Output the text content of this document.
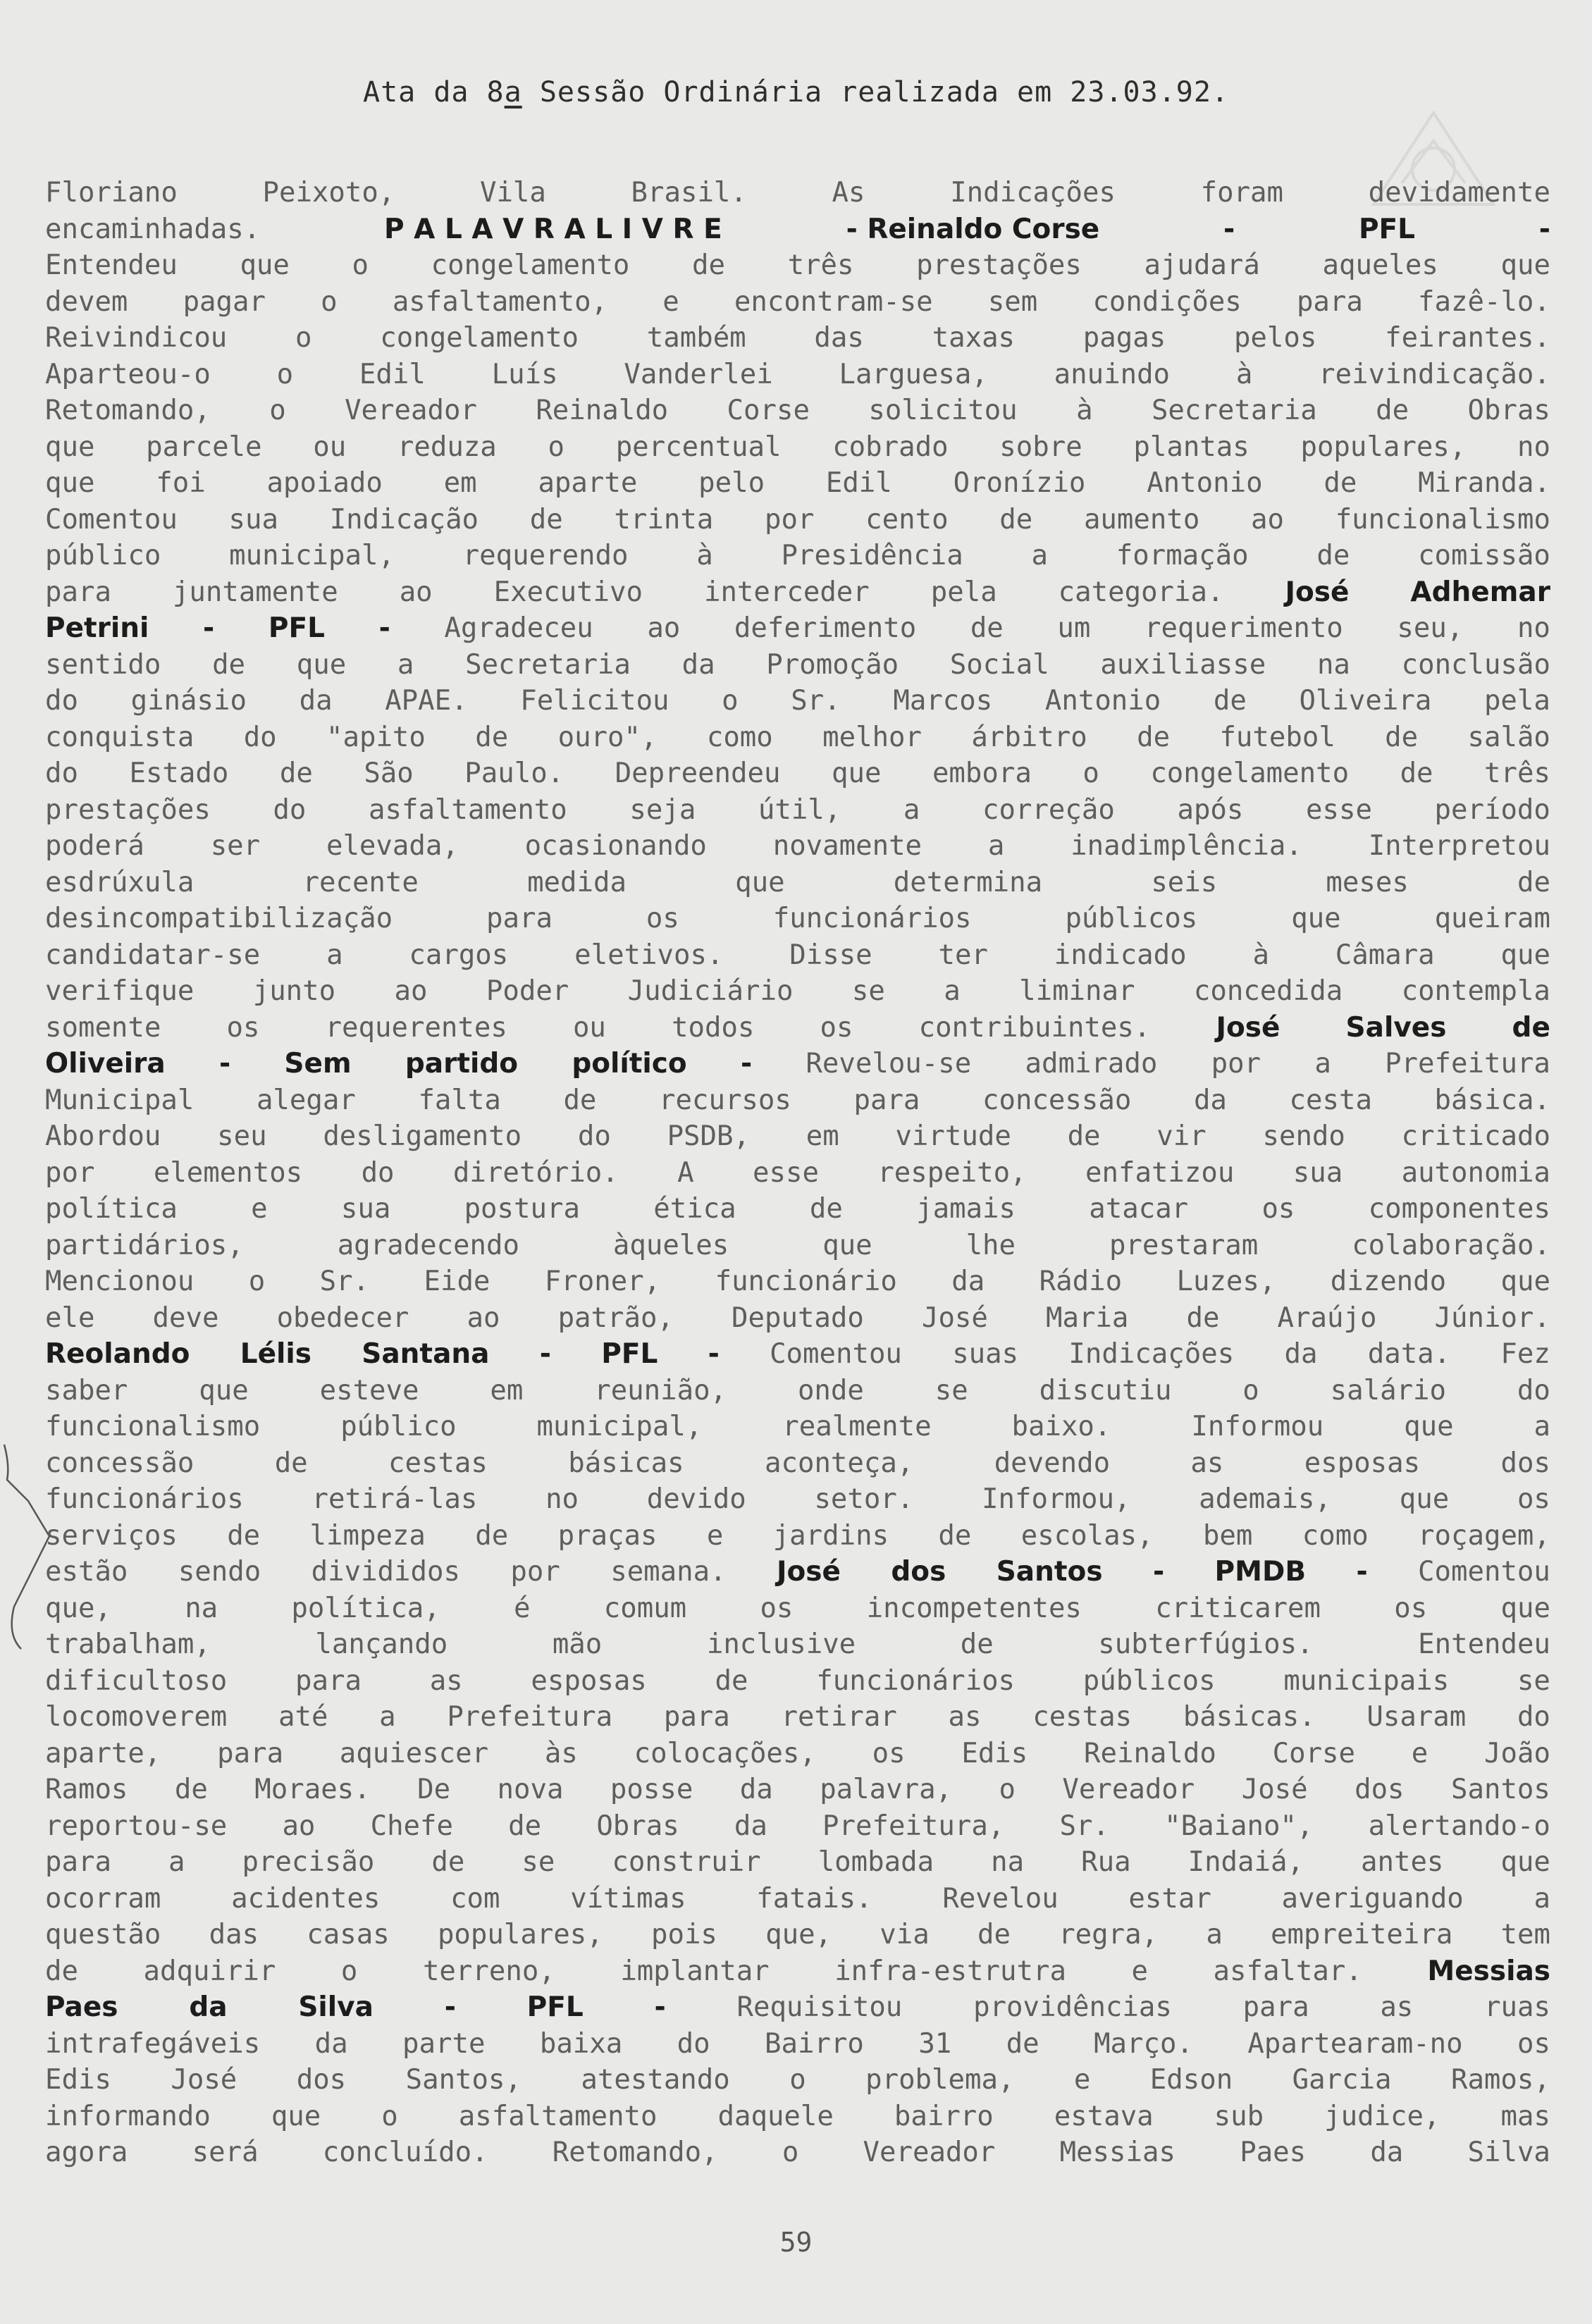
Ata da 8a Sessão Ordinária realizada em 23.03.92.
Floriano	Peixoto,	Vila	Brasil.	As	Indicações	foram	devidamente
encaminhadas.	P A L A V R A L I V R E	- Reinaldo Corse	-	PFL	-
Entendeu que o congelamento de três prestações ajudará aqueles que
devem pagar o asfaltamento, e encontram-se sem condições para fazê-lo.
Reivindicou o congelamento também das taxas pagas pelos feirantes.
Aparteou-o o Edil Luís Vanderlei Larguesa, anuindo à reivindicação.
Retomando, o Vereador Reinaldo Corse solicitou à Secretaria de Obras
que parcele ou reduza o percentual cobrado sobre plantas populares, no
que foi apoiado em aparte pelo Edil Oronízio Antonio de Miranda.
Comentou sua Indicação de trinta por cento de aumento ao funcionalismo
público municipal, requerendo à Presidência a formação de comissão
para juntamente ao Executivo interceder pela categoria. José Adhemar
Petrini - PFL - Agradeceu ao deferimento de um requerimento seu, no
sentido de que a Secretaria da Promoção Social auxiliasse na conclusão
do ginásio da APAE. Felicitou o Sr. Marcos Antonio de Oliveira pela
conquista do "apito de ouro", como melhor árbitro de futebol de salão
do Estado de São Paulo. Depreendeu que embora o congelamento de três
prestações do asfaltamento seja útil, a correção após esse período
poderá ser elevada, ocasionando novamente a inadimplência. Interpretou
esdrúxula	recente	medida	que	determina	seis	meses	de
desincompatibilização	para	os	funcionários	públicos	que	queiram
candidatar-se a cargos eletivos. Disse ter indicado à Câmara que
verifique junto ao Poder Judiciário se a liminar concedida contempla
somente os requerentes ou todos os contribuintes. José Salves de
Oliveira - Sem partido político - Revelou-se admirado por a Prefeitura
Municipal alegar falta de recursos para concessão da cesta básica.
Abordou seu desligamento do PSDB, em virtude de vir sendo criticado
por elementos do diretório. A esse respeito, enfatizou sua autonomia
política	e	sua	postura	ética	de	jamais	atacar	os	componentes
partidários,	agradecendo	àqueles	que	lhe	prestaram	colaboração.
Mencionou o Sr. Eide Froner, funcionário da Rádio Luzes, dizendo que
ele deve obedecer ao patrão, Deputado José Maria de Araújo Júnior.
Reolando Lélis Santana - PFL - Comentou suas Indicações da data. Fez
saber	que	esteve	em	reunião,	onde	se	discutiu	o	salário	do
funcionalismo	público	municipal,	realmente	baixo.	Informou	que	a
concessão	de	cestas	básicas	aconteça,	devendo	as	esposas	dos
funcionários retirá-las no devido setor. Informou, ademais, que os
serviços de limpeza de praças e jardins de escolas, bem como roçagem,
estão sendo divididos por semana. José dos Santos - PMDB - Comentou
que,	na	política,	é	comum	os	incompetentes	criticarem	os	que
trabalham,	lançando	mão	inclusive	de	subterfúgios.	Entendeu
dificultoso para as esposas de funcionários públicos municipais se
locomoverem até a Prefeitura para retirar as cestas básicas. Usaram do
aparte, para aquiescer às colocações, os Edis Reinaldo Corse e João
Ramos de Moraes. De nova posse da palavra, o Vereador José dos Santos
reportou-se ao Chefe de Obras da Prefeitura, Sr. "Baiano", alertando-o
para a precisão de se construir lombada na Rua Indaiá, antes que
ocorram	acidentes	com	vítimas	fatais.	Revelou	estar	averiguando	a
questão das casas populares, pois que, via de regra, a empreiteira tem
de adquirir o terreno, implantar infra-estrutra e asfaltar. Messias
Paes	da	Silva	-	PFL	-	Requisitou	providências	para	as	ruas
intrafegáveis da parte baixa do Bairro 31 de Março. Apartearam-no os
Edis José dos Santos, atestando o problema, e Edson Garcia Ramos,
informando que o asfaltamento daquele bairro estava sub judice, mas
agora será concluído. Retomando, o Vereador Messias Paes da Silva
59
